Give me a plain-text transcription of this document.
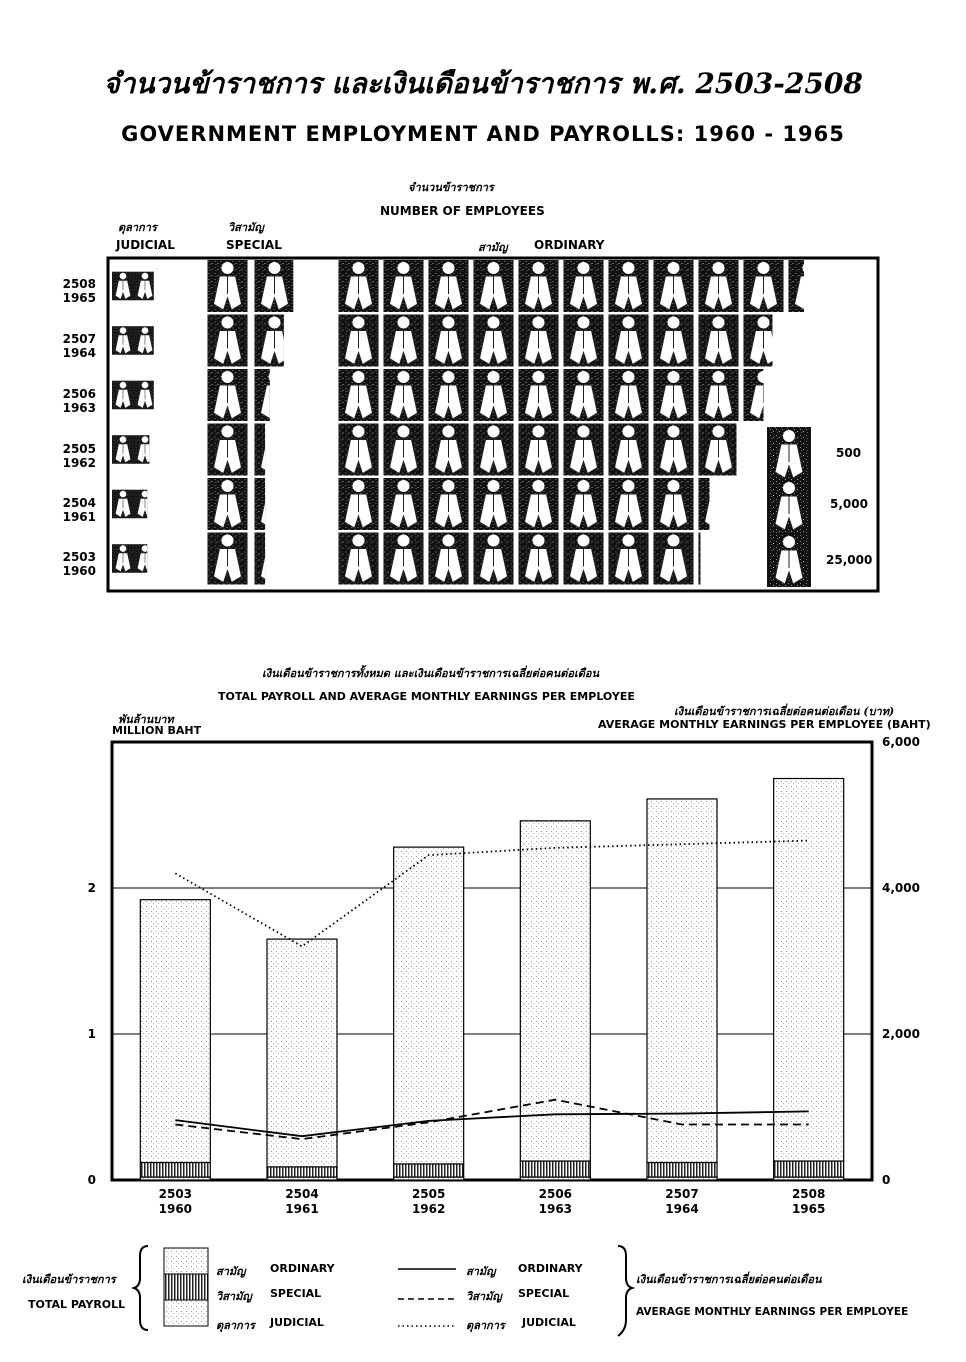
จำนวนข้าราชการ และเงินเดือนข้าราชการ พ.ศ. 2503-2508
GOVERNMENT EMPLOYMENT AND PAYROLLS: 1960 - 1965
จำนวนข้าราชการ
NUMBER OF EMPLOYEES
ตุลาการ
JUDICIAL
วิสามัญ
SPECIAL	สามัญ ORDINARY
2508
1965
2507
1964
2506
1963
2505
1962
2504
1961
2503
1960
500
5,000
25,000
เงินเดือนข้าราชการทั้งหมด และเงินเดือนข้าราชการเฉลี่ยต่อคนต่อเดือน
TOTAL PAYROLL AND AVERAGE MONTHLY EARNINGS PER EMPLOYEE
พันล้านบาท
MILLION BAHT
เงินเดือนข้าราชการเฉลี่ยต่อคนต่อเดือน (บาท)
AVERAGE MONTHLY EARNINGS PER EMPLOYEE (BAHT)
0
1
2
0
2,000
4,000
6,000
2503
1960
2504
1961
2505
1962
2506
1963
2507
1964
2508
1965
เงินเดือนข้าราชการ
TOTAL PAYROLL
สามัญ ORDINARY
วิสามัญ SPECIAL
ตุลาการ JUDICIAL
สามัญ ORDINARY
วิสามัญ SPECIAL
ตุลาการ JUDICIAL
เงินเดือนข้าราชการเฉลี่ยต่อคนต่อเดือน
AVERAGE MONTHLY EARNINGS PER EMPLOYEE
